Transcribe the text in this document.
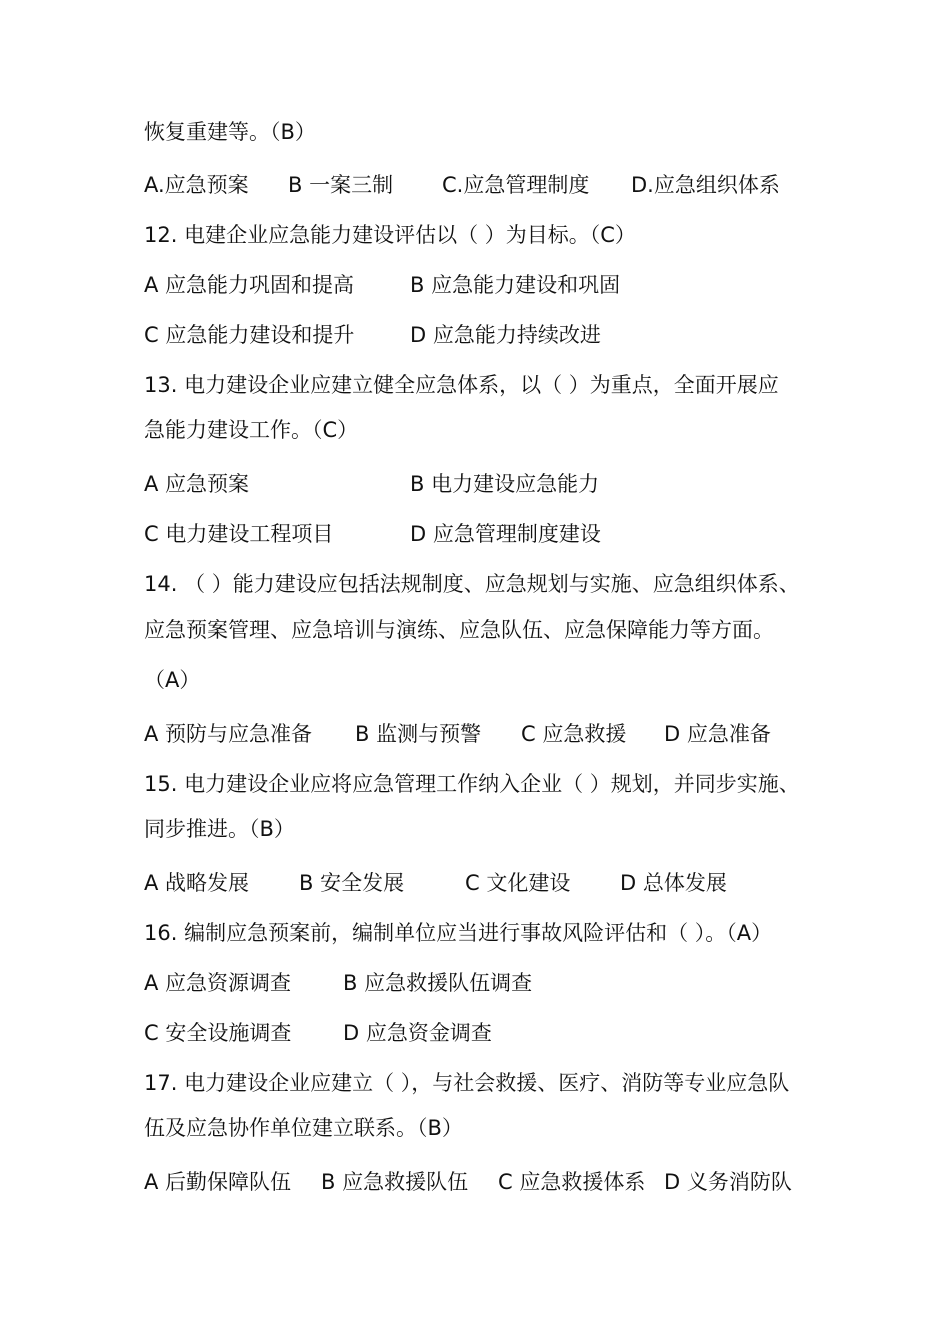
恢复重建等。（B）
A.应急预案 B 一案三制 C.应急管理制度 D.应急组织体系
12. 电建企业应急能力建设评估以（ ）为目标。（C）
A 应急能力巩固和提高	B 应急能力建设和巩固
C 应急能力建设和提升	D 应急能力持续改进
13. 电力建设企业应建立健全应急体系，以（ ）为重点，全面开展应
急能力建设工作。（C）
A 应急预案	B 电力建设应急能力
C 电力建设工程项目	D 应急管理制度建设
14. （ ）能力建设应包括法规制度、应急规划与实施、应急组织体系、
应急预案管理、应急培训与演练、应急队伍、应急保障能力等方面。
（A）
A 预防与应急准备 B 监测与预警 C 应急救援 D 应急准备
15. 电力建设企业应将应急管理工作纳入企业（ ）规划，并同步实施、
同步推进。（B）
A 战略发展 B 安全发展	C 文化建设 D 总体发展
16. 编制应急预案前，编制单位应当进行事故风险评估和（ ）。（A）
A 应急资源调查 B 应急救援队伍调查
C 安全设施调查 D 应急资金调查
17. 电力建设企业应建立（ ），与社会救援、医疗、消防等专业应急队
伍及应急协作单位建立联系。（B）
A 后勤保障队伍 B 应急救援队伍 C 应急救援体系 D 义务消防队
